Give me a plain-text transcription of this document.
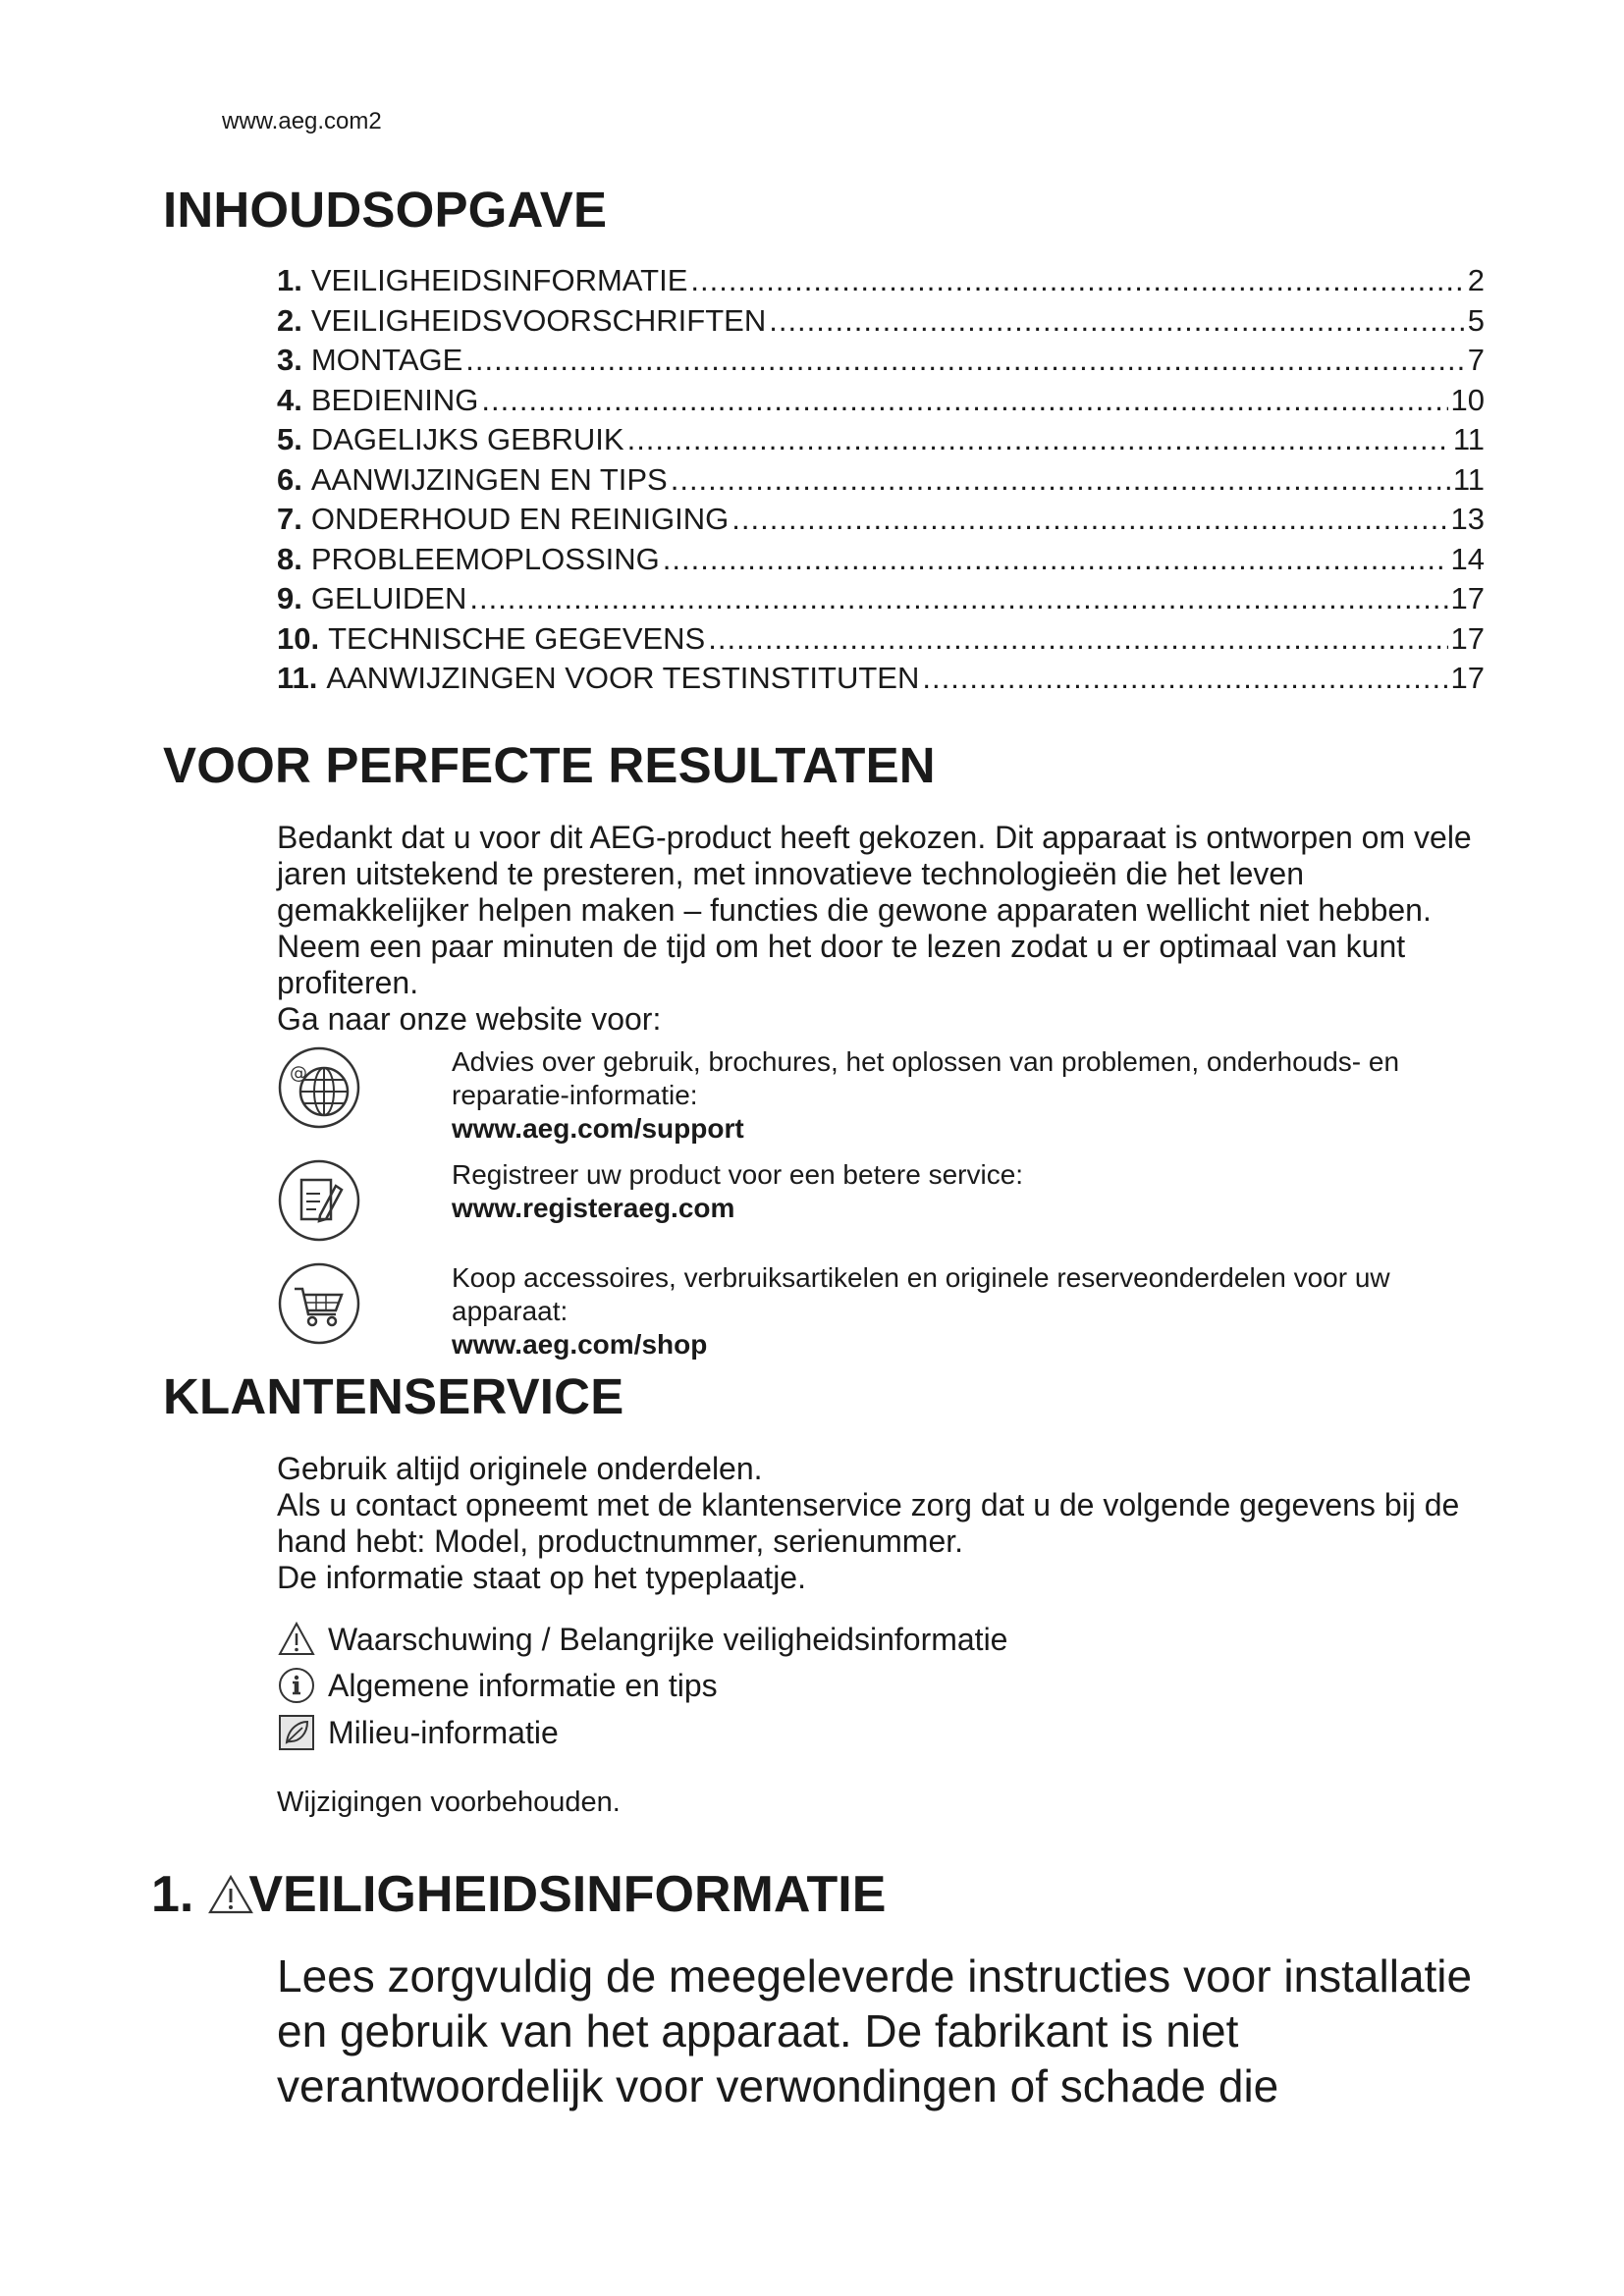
www.aeg.com2
INHOUDSOPGAVE
1. VEILIGHEIDSINFORMATIE .....	2
2. VEILIGHEIDSVOORSCHRIFTEN .....	5
3. MONTAGE .....	7
4. BEDIENING .....	10
5. DAGELIJKS GEBRUIK .....	11
6. AANWIJZINGEN EN TIPS .....	11
7. ONDERHOUD EN REINIGING .....	13
8. PROBLEEMOPLOSSING .....	14
9. GELUIDEN .....	17
10. TECHNISCHE GEGEVENS .....	17
11. AANWIJZINGEN VOOR TESTINSTITUTEN .....	17
VOOR PERFECTE RESULTATEN
Bedankt dat u voor dit AEG-product heeft gekozen. Dit apparaat is ontworpen om vele jaren uitstekend te presteren, met innovatieve technologieën die het leven gemakkelijker helpen maken – functies die gewone apparaten wellicht niet hebben. Neem een paar minuten de tijd om het door te lezen zodat u er optimaal van kunt profiteren.
Ga naar onze website voor:
@	Advies over gebruik, brochures, het oplossen van problemen, onderhouds- en reparatie-informatie:
www.aeg.com/support
Registreer uw product voor een betere service:
www.registeraeg.com
Koop accessoires, verbruiksartikelen en originele reserveonderdelen voor uw apparaat:
www.aeg.com/shop
KLANTENSERVICE
Gebruik altijd originele onderdelen.
Als u contact opneemt met de klantenservice zorg dat u de volgende gegevens bij de hand hebt: Model, productnummer, serienummer.
De informatie staat op het typeplaatje.
Waarschuwing / Belangrijke veiligheidsinformatie
Algemene informatie en tips
Milieu-informatie
Wijzigingen voorbehouden.
1. VEILIGHEIDSINFORMATIE
Lees zorgvuldig de meegeleverde instructies voor installatie en gebruik van het apparaat. De fabrikant is niet verantwoordelijk voor verwondingen of schade die
